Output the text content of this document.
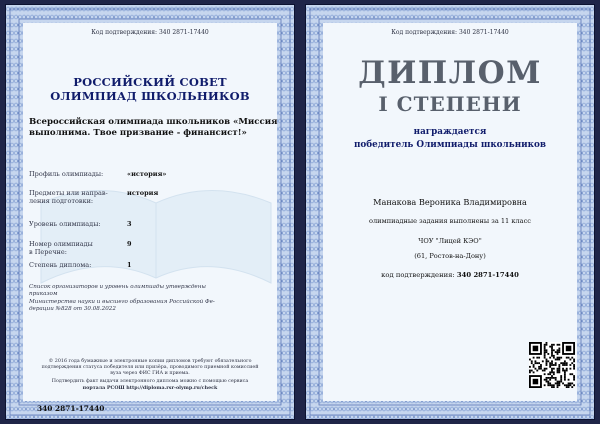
Код подтверждения: 340 2871-17440
РОССИЙСКИЙ СОВЕТ
ОЛИМПИАД ШКОЛЬНИКОВ
Всероссийская олимпиада школьников «Миссия
выполнима. Твое призвание - финансист!»
Профиль олимпиады:	«история»
Предметы или направ-
ления подготовки:
история
Уровень олимпиады:	3
Номер олимпиады
в Перечне:
9
Степень диплома:	1
Список организаторов и уровень олимпиады утверждены
приказом
Министерства науки и высшего образования Российской Фе-
дерации №828 от 30.08.2022
© 2016 года бумажные и электронные копии дипломов требуют обязательного
подтверждения статуса победителя или призёра, проводимого приемной комиссией
вуза через ФИС ГИА и приема.
Подтвердить факт выдачи электронного диплома можно с помощью сервиса
портала РСОШ http://diploma.rsr-olymp.ru/check
340 2871-17440
Код подтверждения: 340 2871-17440
ДИПЛОМ
I СТЕПЕНИ
награждается
победитель Олимпиады школьников
Манакова Вероника Владимировна
олимпиадные задания выполнены за 11 класс
ЧОУ "Лицей КЭО"
(61, Ростов-на-Дону)
код подтверждения: 340 2871-17440
